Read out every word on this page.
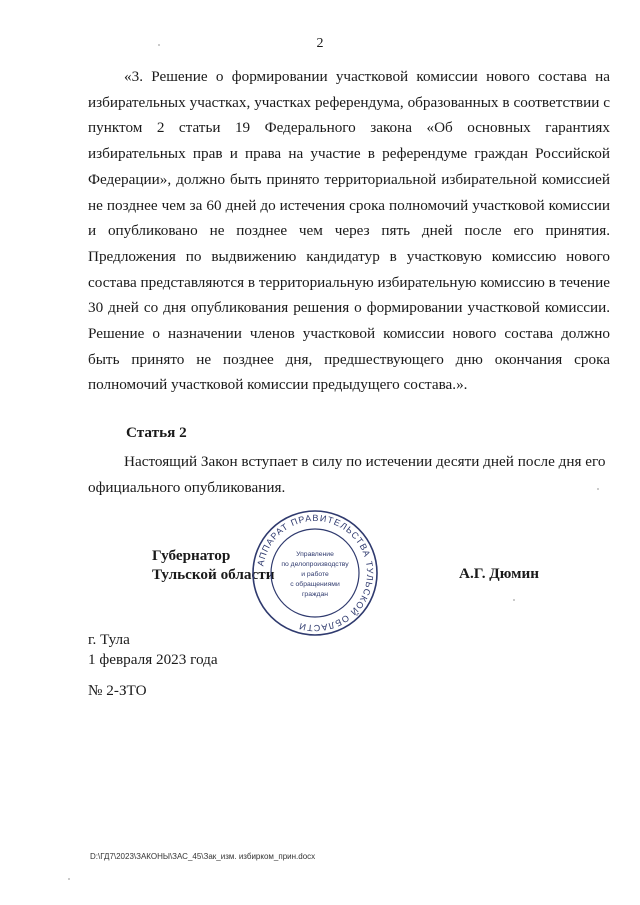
2

«3. Решение о формировании участковой комиссии нового состава на избирательных участках, участках референдума, образованных в соответствии с пунктом 2 статьи 19 Федерального закона «Об основных гарантиях избирательных прав и права на участие в референдуме граждан Российской Федерации», должно быть принято территориальной избирательной комиссией не позднее чем за 60 дней до истечения срока полномочий участковой комиссии и опубликовано не позднее чем через пять дней после его принятия. Предложения по выдвижению кандидатур в участковую комиссию нового состава представляются в территориальную избирательную комиссию в течение 30 дней со дня опубликования решения о формировании участковой комиссии. Решение о назначении членов участковой комиссии нового состава должно быть принято не позднее дня, предшествующего дню окончания срока полномочий участковой комиссии предыдущего состава.».

Статья 2

Настоящий Закон вступает в силу по истечении десяти дней после дня его официального опубликования.

Губернатор
Тульской области
АППАРАТ ПРАВИТЕЛЬСТВА ТУЛЬСКОЙ ОБЛАСТИ
Управление
по делопроизводству
и работе
с обращениями
граждан
А.Г. Дюмин
г. Тула
1 февраля 2023 года
№ 2-ЗТО
D:\ГД7\2023\ЗАКОНЫ\ЗАС_45\Зак_изм. избирком_прин.docx
